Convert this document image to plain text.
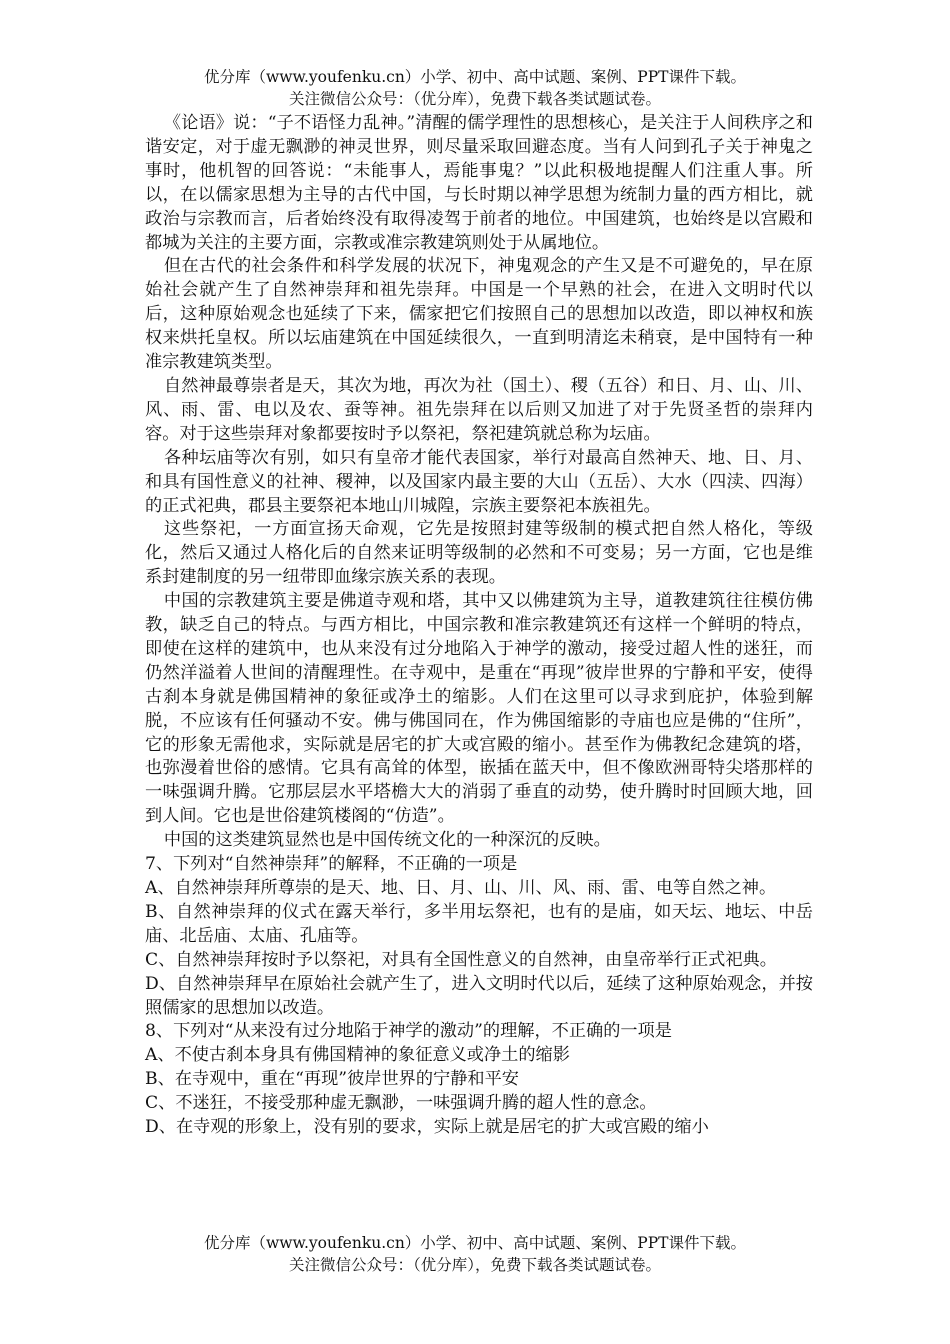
优分库（www.youfenku.cn）小学、初中、高中试题、案例、PPT课件下载。
关注微信公众号：（优分库），免费下载各类试题试卷。

《论语》说：“子不语怪力乱神。”清醒的儒学理性的思想核心，是关注于人间秩序之和谐安定，对于虚无飘渺的神灵世界，则尽量采取回避态度。当有人问到孔子关于神鬼之事时，他机智的回答说：“未能事人，焉能事鬼？”以此积极地提醒人们注重人事。所以，在以儒家思想为主导的古代中国，与长时期以神学思想为统制力量的西方相比，就政治与宗教而言，后者始终没有取得凌驾于前者的地位。中国建筑，也始终是以宫殿和都城为关注的主要方面，宗教或准宗教建筑则处于从属地位。

但在古代的社会条件和科学发展的状况下，神鬼观念的产生又是不可避免的，早在原始社会就产生了自然神崇拜和祖先崇拜。中国是一个早熟的社会，在进入文明时代以后，这种原始观念也延续了下来，儒家把它们按照自己的思想加以改造，即以神权和族权来烘托皇权。所以坛庙建筑在中国延续很久，一直到明清迄未稍衰，是中国特有一种准宗教建筑类型。

自然神最尊崇者是天，其次为地，再次为社（国土）、稷（五谷）和日、月、山、川、风、雨、雷、电以及农、蚕等神。祖先崇拜在以后则又加进了对于先贤圣哲的崇拜内容。对于这些崇拜对象都要按时予以祭祀，祭祀建筑就总称为坛庙。

各种坛庙等次有别，如只有皇帝才能代表国家，举行对最高自然神天、地、日、月、和具有国性意义的社神、稷神，以及国家内最主要的大山（五岳）、大水（四渎、四海）的正式祀典，郡县主要祭祀本地山川城隍，宗族主要祭祀本族祖先。

这些祭祀，一方面宣扬天命观，它先是按照封建等级制的模式把自然人格化，等级化，然后又通过人格化后的自然来证明等级制的必然和不可变易；另一方面，它也是维系封建制度的另一纽带即血缘宗族关系的表现。

中国的宗教建筑主要是佛道寺观和塔，其中又以佛建筑为主导，道教建筑往往模仿佛教，缺乏自己的特点。与西方相比，中国宗教和准宗教建筑还有这样一个鲜明的特点，即使在这样的建筑中，也从来没有过分地陷入于神学的激动，接受过超人性的迷狂，而仍然洋溢着人世间的清醒理性。在寺观中，是重在“再现”彼岸世界的宁静和平安，使得古刹本身就是佛国精神的象征或净土的缩影。人们在这里可以寻求到庇护，体验到解脱，不应该有任何骚动不安。佛与佛国同在，作为佛国缩影的寺庙也应是佛的“住所”，它的形象无需他求，实际就是居宅的扩大或宫殿的缩小。甚至作为佛教纪念建筑的塔，也弥漫着世俗的感情。它具有高耸的体型，嵌插在蓝天中，但不像欧洲哥特尖塔那样的一味强调升腾。它那层层水平塔檐大大的消弱了垂直的动势，使升腾时时回顾大地，回到人间。它也是世俗建筑楼阁的“仿造”。

中国的这类建筑显然也是中国传统文化的一种深沉的反映。

7、下列对“自然神崇拜”的解释，不正确的一项是

A、自然神崇拜所尊崇的是天、地、日、月、山、川、风、雨、雷、电等自然之神。

B、自然神崇拜的仪式在露天举行，多半用坛祭祀，也有的是庙，如天坛、地坛、中岳庙、北岳庙、太庙、孔庙等。

C、自然神崇拜按时予以祭祀，对具有全国性意义的自然神，由皇帝举行正式祀典。

D、自然神崇拜早在原始社会就产生了，进入文明时代以后，延续了这种原始观念，并按照儒家的思想加以改造。

8、下列对“从来没有过分地陷于神学的激动”的理解，不正确的一项是

A、不使古刹本身具有佛国精神的象征意义或净土的缩影

B、在寺观中，重在“再现”彼岸世界的宁静和平安

C、不迷狂，不接受那种虚无飘渺，一味强调升腾的超人性的意念。

D、在寺观的形象上，没有别的要求，实际上就是居宅的扩大或宫殿的缩小

优分库（www.youfenku.cn）小学、初中、高中试题、案例、PPT课件下载。
关注微信公众号：（优分库），免费下载各类试题试卷。
